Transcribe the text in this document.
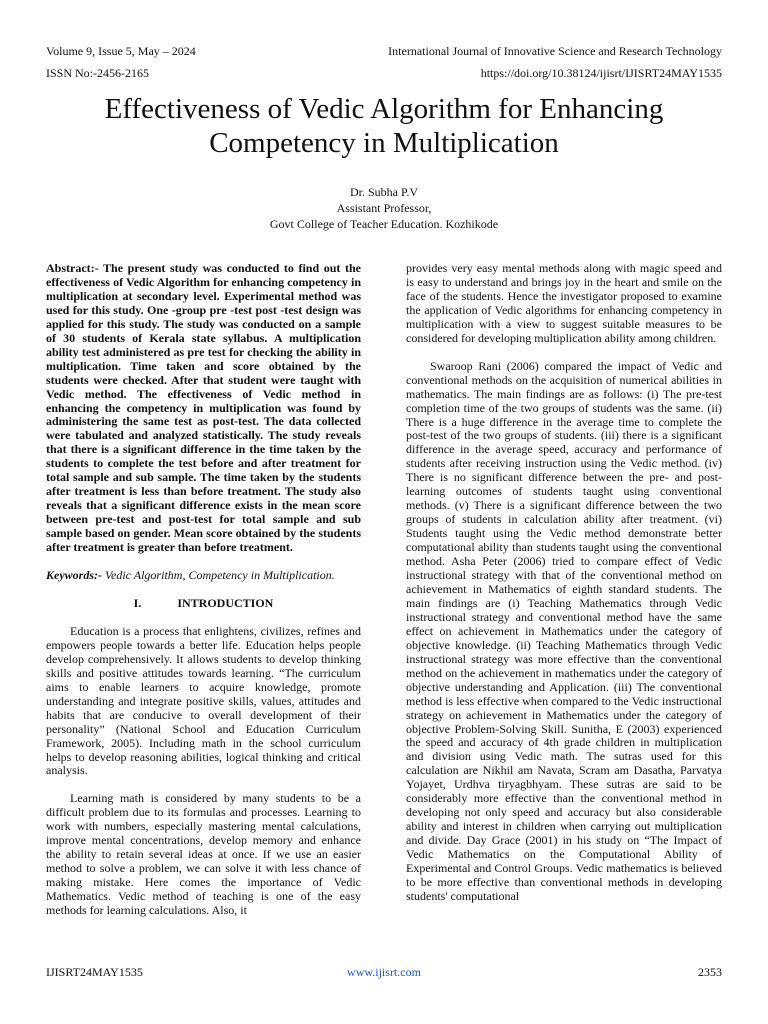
Volume 9, Issue 5, May – 2024	International Journal of Innovative Science and Research Technology
ISSN No:-2456-2165	https://doi.org/10.38124/ijisrt/IJISRT24MAY1535
Effectiveness of Vedic Algorithm for Enhancing Competency in Multiplication
Dr. Subha P.V
Assistant Professor,
Govt College of Teacher Education. Kozhikode

Abstract:- The present study was conducted to find out the effectiveness of Vedic Algorithm for enhancing competency in multiplication at secondary level. Experimental method was used for this study. One -group pre -test post -test design was applied for this study. The study was conducted on a sample of 30 students of Kerala state syllabus. A multiplication ability test administered as pre test for checking the ability in multiplication. Time taken and score obtained by the students were checked. After that student were taught with Vedic method. The effectiveness of Vedic method in enhancing the competency in multiplication was found by administering the same test as post-test. The data collected were tabulated and analyzed statistically. The study reveals that there is a significant difference in the time taken by the students to complete the test before and after treatment for total sample and sub sample. The time taken by the students after treatment is less than before treatment. The study also reveals that a significant difference exists in the mean score between pre-test and post-test for total sample and sub sample based on gender. Mean score obtained by the students after treatment is greater than before treatment.

Keywords:- Vedic Algorithm, Competency in Multiplication.

I.	INTRODUCTION

Education is a process that enlightens, civilizes, refines and empowers people towards a better life. Education helps people develop comprehensively. It allows students to develop thinking skills and positive attitudes towards learning. “The curriculum aims to enable learners to acquire knowledge, promote understanding and integrate positive skills, values, attitudes and habits that are conducive to overall development of their personality” (National School and Education Curriculum Framework, 2005). Including math in the school curriculum helps to develop reasoning abilities, logical thinking and critical analysis.

Learning math is considered by many students to be a difficult problem due to its formulas and processes. Learning to work with numbers, especially mastering mental calculations, improve mental concentrations, develop memory and enhance the ability to retain several ideas at once. If we use an easier method to solve a problem, we can solve it with less chance of making mistake. Here comes the importance of Vedic Mathematics. Vedic method of teaching is one of the easy methods for learning calculations. Also, it

provides very easy mental methods along with magic speed and is easy to understand and brings joy in the heart and smile on the face of the students. Hence the investigator proposed to examine the application of Vedic algorithms for enhancing competency in multiplication with a view to suggest suitable measures to be considered for developing multiplication ability among children.

Swaroop Rani (2006) compared the impact of Vedic and conventional methods on the acquisition of numerical abilities in mathematics. The main findings are as follows: (i) The pre-test completion time of the two groups of students was the same. (ii) There is a huge difference in the average time to complete the post-test of the two groups of students. (iii) there is a significant difference in the average speed, accuracy and performance of students after receiving instruction using the Vedic method. (iv) There is no significant difference between the pre- and post-learning outcomes of students taught using conventional methods. (v) There is a significant difference between the two groups of students in calculation ability after treatment. (vi) Students taught using the Vedic method demonstrate better computational ability than students taught using the conventional method. Asha Peter (2006) tried to compare effect of Vedic instructional strategy with that of the conventional method on achievement in Mathematics of eighth standard students. The main findings are (i) Teaching Mathematics through Vedic instructional strategy and conventional method have the same effect on achievement in Mathematics under the category of objective knowledge. (ii) Teaching Mathematics through Vedic instructional strategy was more effective than the conventional method on the achievement in mathematics under the category of objective understanding and Application. (iii) The conventional method is less effective when compared to the Vedic instructional strategy on achievement in Mathematics under the category of objective Problem-Solving Skill. Sunitha, E (2003) experienced the speed and accuracy of 4th grade children in multiplication and division using Vedic math. The sutras used for this calculation are Nikhil am Navata, Scram am Dasatha, Parvatya Yojayet, Urdhva tiryagbhyam. These sutras are said to be considerably more effective than the conventional method in developing not only speed and accuracy but also considerable ability and interest in children when carrying out multiplication and divide. Day Grace (2001) in his study on “The Impact of Vedic Mathematics on the Computational Ability of Experimental and Control Groups. Vedic mathematics is believed to be more effective than conventional methods in developing students' computational

IJISRT24MAY1535	www.ijisrt.com	2353
